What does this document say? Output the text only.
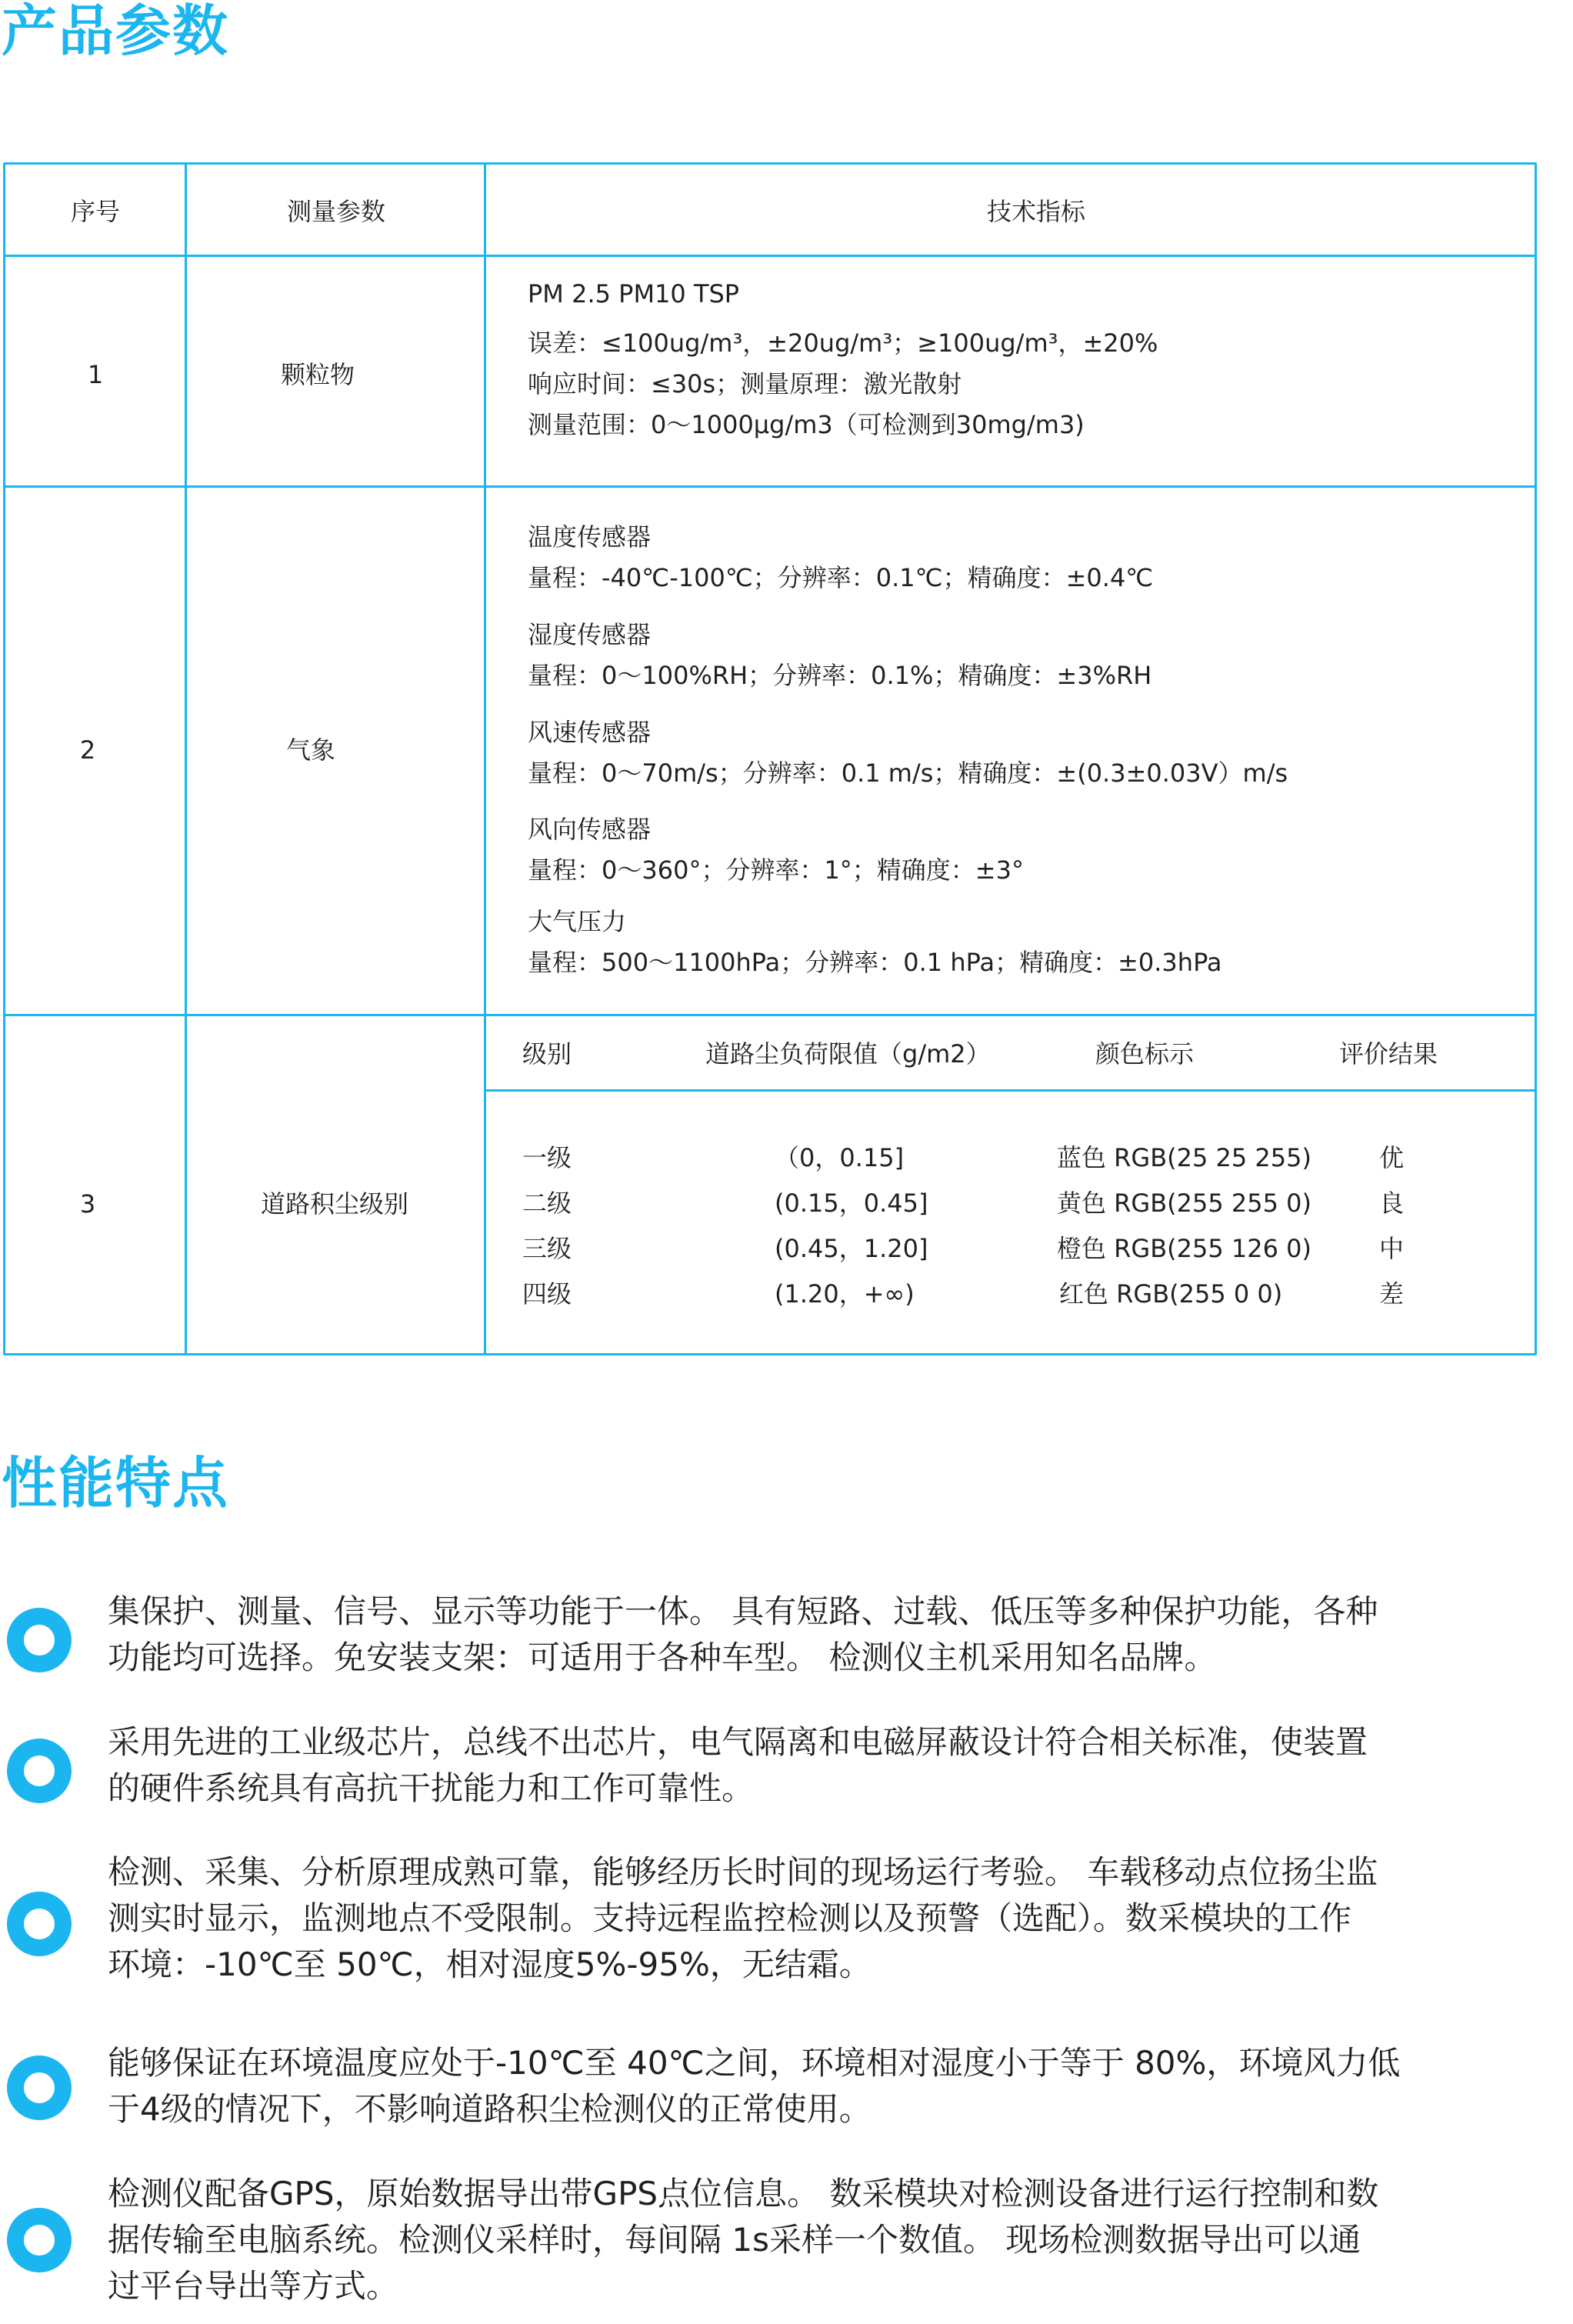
产品参数
序号	测量参数	技术指标
1	颗粒物
PM 2.5 PM10 TSP
误差：≤100ug/m³，±20ug/m³；≥100ug/m³，±20%
响应时间：≤30s；测量原理：激光散射
测量范围：0～1000µg/m3（可检测到30mg/m3)
2	气象
温度传感器
量程：-40℃-100℃；分辨率：0.1℃；精确度：±0.4℃
湿度传感器
量程：0～100%RH；分辨率：0.1%；精确度：±3%RH
风速传感器
量程：0～70m/s；分辨率：0.1 m/s；精确度：±(0.3±0.03V）m/s
风向传感器
量程：0～360°；分辨率：1°；精确度：±3°
大气压力
量程：500～1100hPa；分辨率：0.1 hPa；精确度：±0.3hPa
3	道路积尘级别
级别	道路尘负荷限值（g/m2）	颜色标示	评价结果
一级	（0，0.15]	蓝色 RGB(25 25 255)	优
二级	(0.15，0.45]	黄色 RGB(255 255 0)	良
三级	(0.45，1.20]	橙色 RGB(255 126 0)	中
四级	(1.20，+∞)	红色 RGB(255 0 0)	差
性能特点
集保护、测量、信号、显示等功能于一体。 具有短路、过载、低压等多种保护功能，各种
功能均可选择。免安装支架：可适用于各种车型。 检测仪主机采用知名品牌。
采用先进的工业级芯片，总线不出芯片，电气隔离和电磁屏蔽设计符合相关标准，使装置
的硬件系统具有高抗干扰能力和工作可靠性。
检测、采集、分析原理成熟可靠，能够经历长时间的现场运行考验。 车载移动点位扬尘监
测实时显示，监测地点不受限制。支持远程监控检测以及预警（选配）。数采模块的工作
环境：-10℃至 50℃，相对湿度5%-95%，无结霜。
能够保证在环境温度应处于-10℃至 40℃之间，环境相对湿度小于等于 80%，环境风力低
于4级的情况下，不影响道路积尘检测仪的正常使用。
检测仪配备GPS，原始数据导出带GPS点位信息。 数采模块对检测设备进行运行控制和数
据传输至电脑系统。检测仪采样时，每间隔 1s采样一个数值。 现场检测数据导出可以通
过平台导出等方式。
